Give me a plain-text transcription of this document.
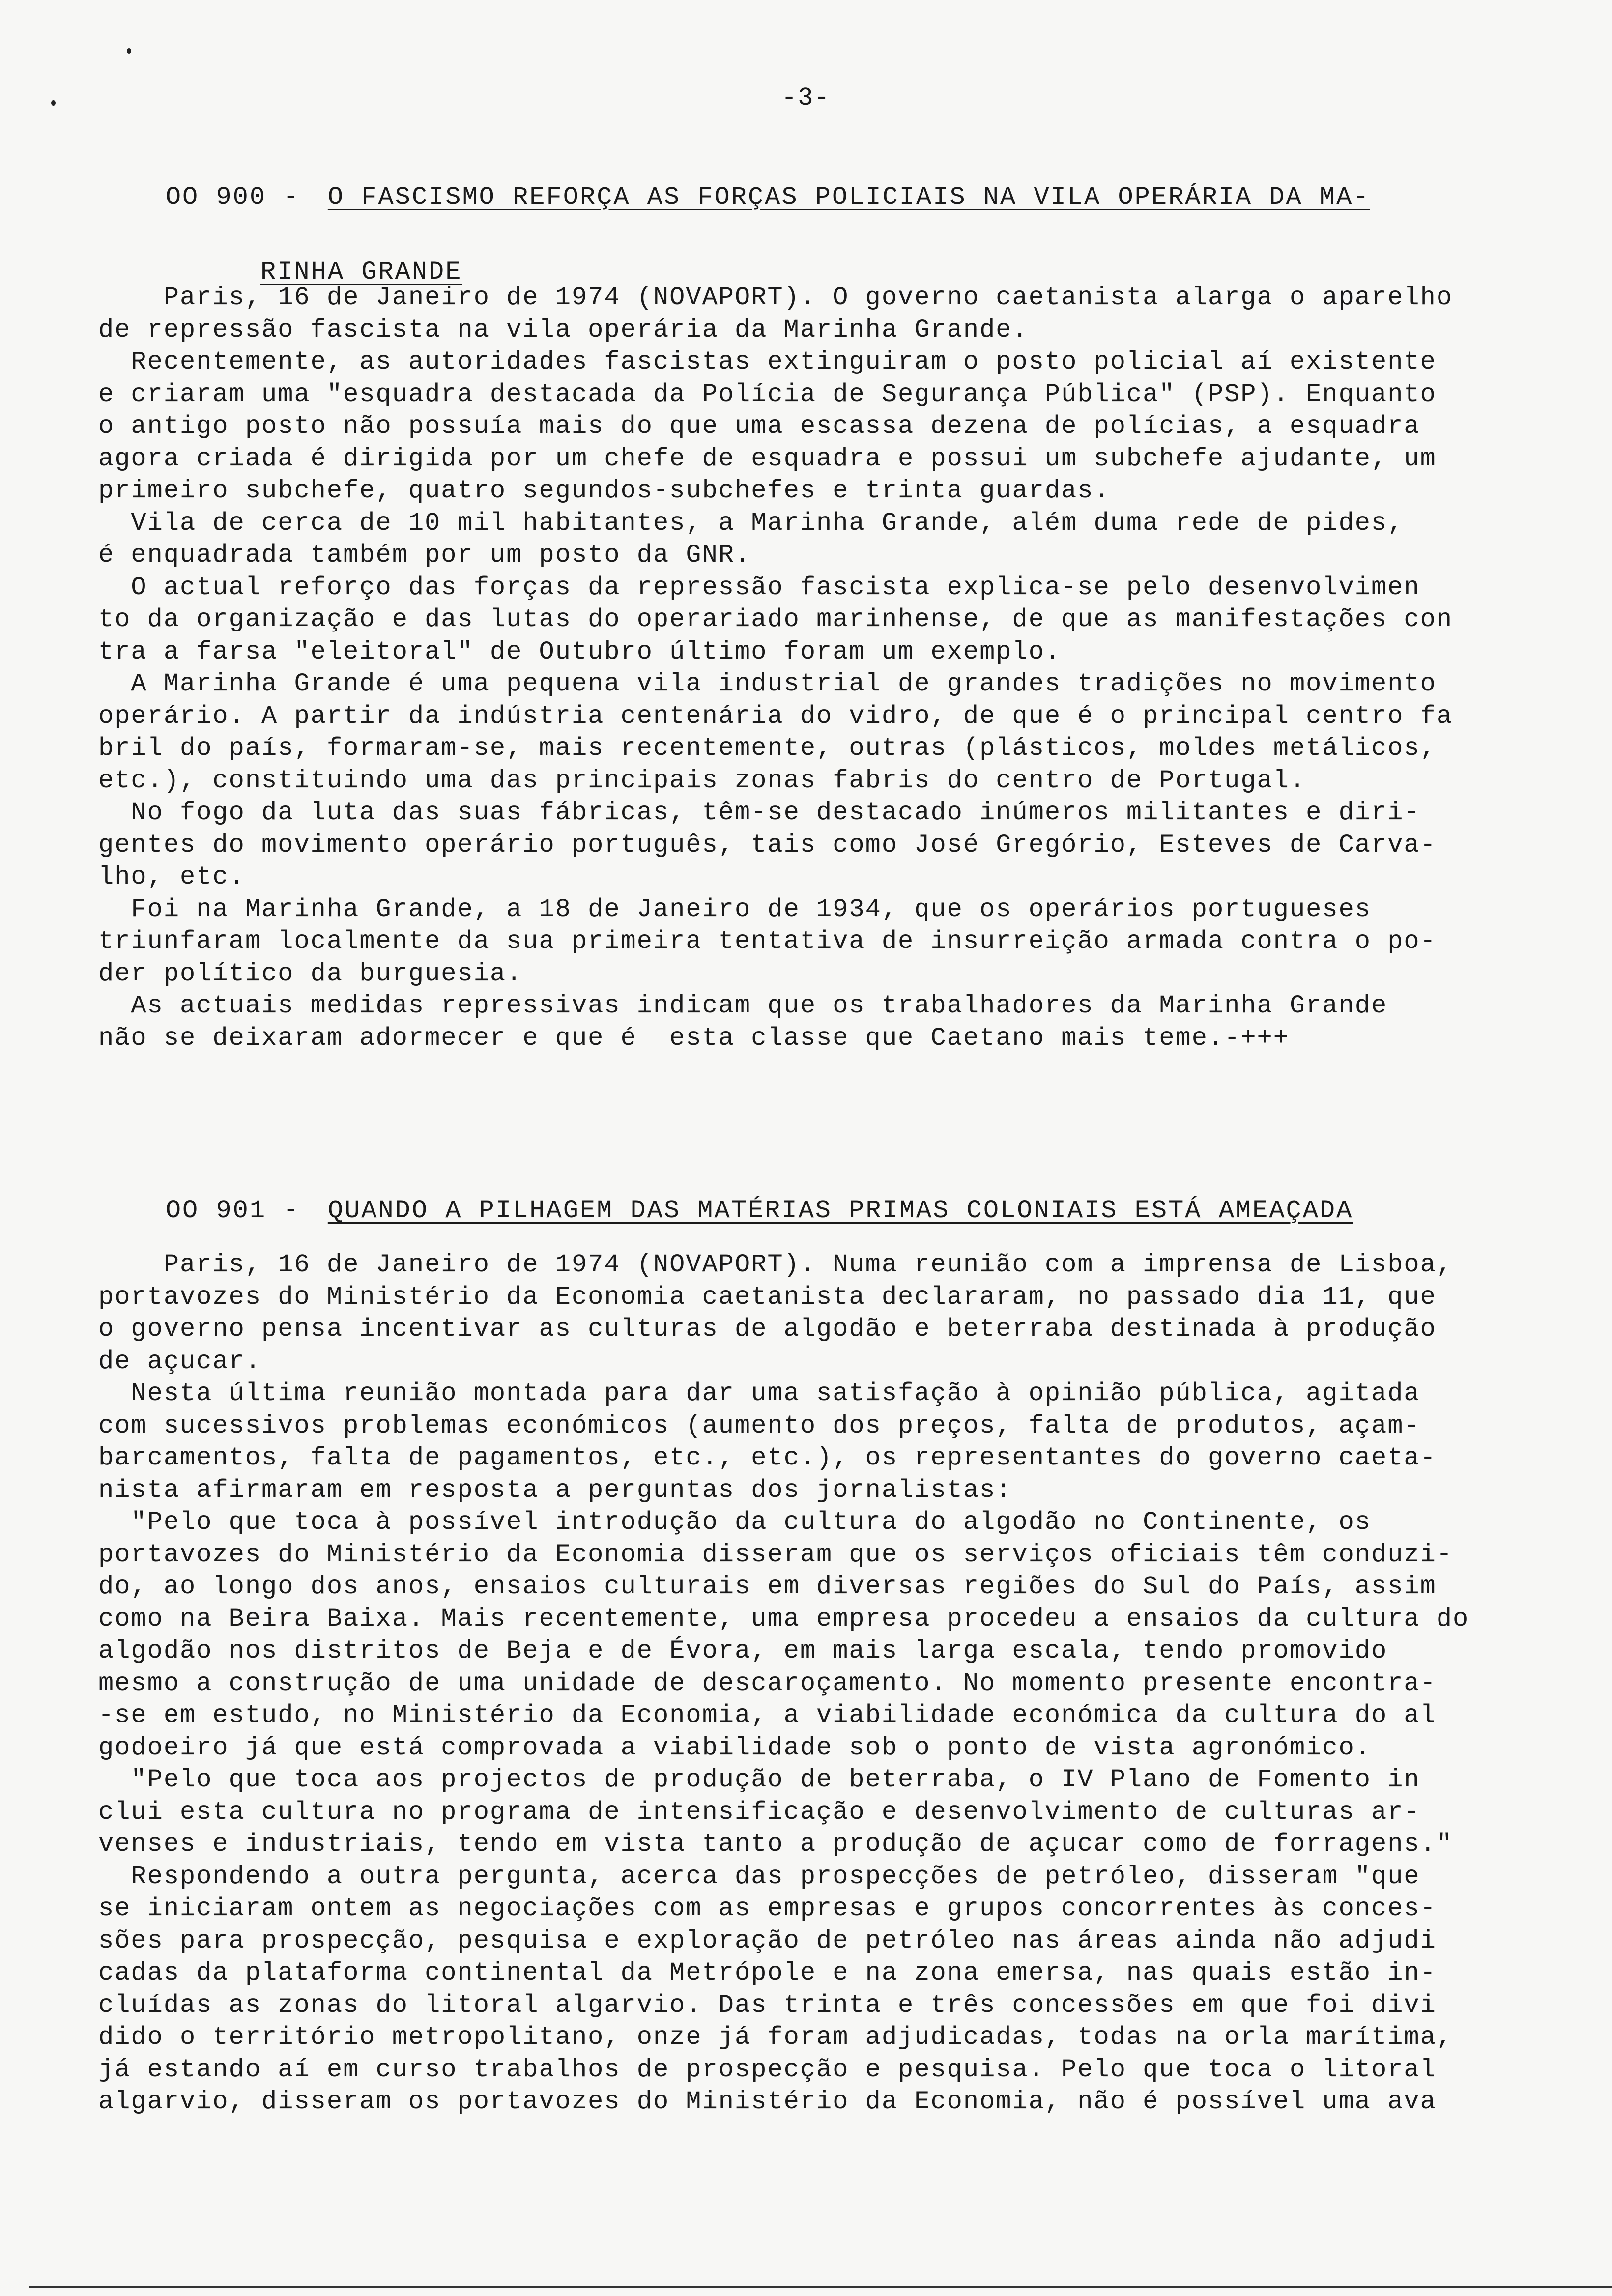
-3-

OO 900 - O FASCISMO REFORÇA AS FORÇAS POLICIAIS NA VILA OPERÁRIA DA MA-

RINHA GRANDE

Paris, 16 de Janeiro de 1974 (NOVAPORT). O governo caetanista alarga o aparelho

de repressão fascista na vila operária da Marinha Grande.

Recentemente, as autoridades fascistas extinguiram o posto policial aí existente

e criaram uma "esquadra destacada da Polícia de Segurança Pública" (PSP). Enquanto

o antigo posto não possuía mais do que uma escassa dezena de polícias, a esquadra

agora criada é dirigida por um chefe de esquadra e possui um subchefe ajudante, um

primeiro subchefe, quatro segundos-subchefes e trinta guardas.

Vila de cerca de 10 mil habitantes, a Marinha Grande, além duma rede de pides,

é enquadrada também por um posto da GNR.

O actual reforço das forças da repressão fascista explica-se pelo desenvolvimen

to da organização e das lutas do operariado marinhense, de que as manifestações con

tra a farsa "eleitoral" de Outubro último foram um exemplo.

A Marinha Grande é uma pequena vila industrial de grandes tradições no movimento

operário. A partir da indústria centenária do vidro, de que é o principal centro fa

bril do país, formaram-se, mais recentemente, outras (plásticos, moldes metálicos,

etc.), constituindo uma das principais zonas fabris do centro de Portugal.

No fogo da luta das suas fábricas, têm-se destacado inúmeros militantes e diri-

gentes do movimento operário português, tais como José Gregório, Esteves de Carva-

lho, etc.

Foi na Marinha Grande, a 18 de Janeiro de 1934, que os operários portugueses

triunfaram localmente da sua primeira tentativa de insurreição armada contra o po-

der político da burguesia.

As actuais medidas repressivas indicam que os trabalhadores da Marinha Grande

não se deixaram adormecer e que é  esta classe que Caetano mais teme.-+++

OO 901 - QUANDO A PILHAGEM DAS MATÉRIAS PRIMAS COLONIAIS ESTÁ AMEAÇADA

Paris, 16 de Janeiro de 1974 (NOVAPORT). Numa reunião com a imprensa de Lisboa,

portavozes do Ministério da Economia caetanista declararam, no passado dia 11, que

o governo pensa incentivar as culturas de algodão e beterraba destinada à produção

de açucar.

Nesta última reunião montada para dar uma satisfação à opinião pública, agitada

com sucessivos problemas económicos (aumento dos preços, falta de produtos, açam-

barcamentos, falta de pagamentos, etc., etc.), os representantes do governo caeta-

nista afirmaram em resposta a perguntas dos jornalistas:

"Pelo que toca à possível introdução da cultura do algodão no Continente, os

portavozes do Ministério da Economia disseram que os serviços oficiais têm conduzi-

do, ao longo dos anos, ensaios culturais em diversas regiões do Sul do País, assim

como na Beira Baixa. Mais recentemente, uma empresa procedeu a ensaios da cultura do

algodão nos distritos de Beja e de Évora, em mais larga escala, tendo promovido

mesmo a construção de uma unidade de descaroçamento. No momento presente encontra-

-se em estudo, no Ministério da Economia, a viabilidade económica da cultura do al

godoeiro já que está comprovada a viabilidade sob o ponto de vista agronómico.

"Pelo que toca aos projectos de produção de beterraba, o IV Plano de Fomento in

clui esta cultura no programa de intensificação e desenvolvimento de culturas ar-

venses e industriais, tendo em vista tanto a produção de açucar como de forragens."

Respondendo a outra pergunta, acerca das prospecções de petróleo, disseram "que

se iniciaram ontem as negociações com as empresas e grupos concorrentes às conces-

sões para prospecção, pesquisa e exploração de petróleo nas áreas ainda não adjudi

cadas da plataforma continental da Metrópole e na zona emersa, nas quais estão in-

cluídas as zonas do litoral algarvio. Das trinta e três concessões em que foi divi

dido o território metropolitano, onze já foram adjudicadas, todas na orla marítima,

já estando aí em curso trabalhos de prospecção e pesquisa. Pelo que toca o litoral

algarvio, disseram os portavozes do Ministério da Economia, não é possível uma ava
